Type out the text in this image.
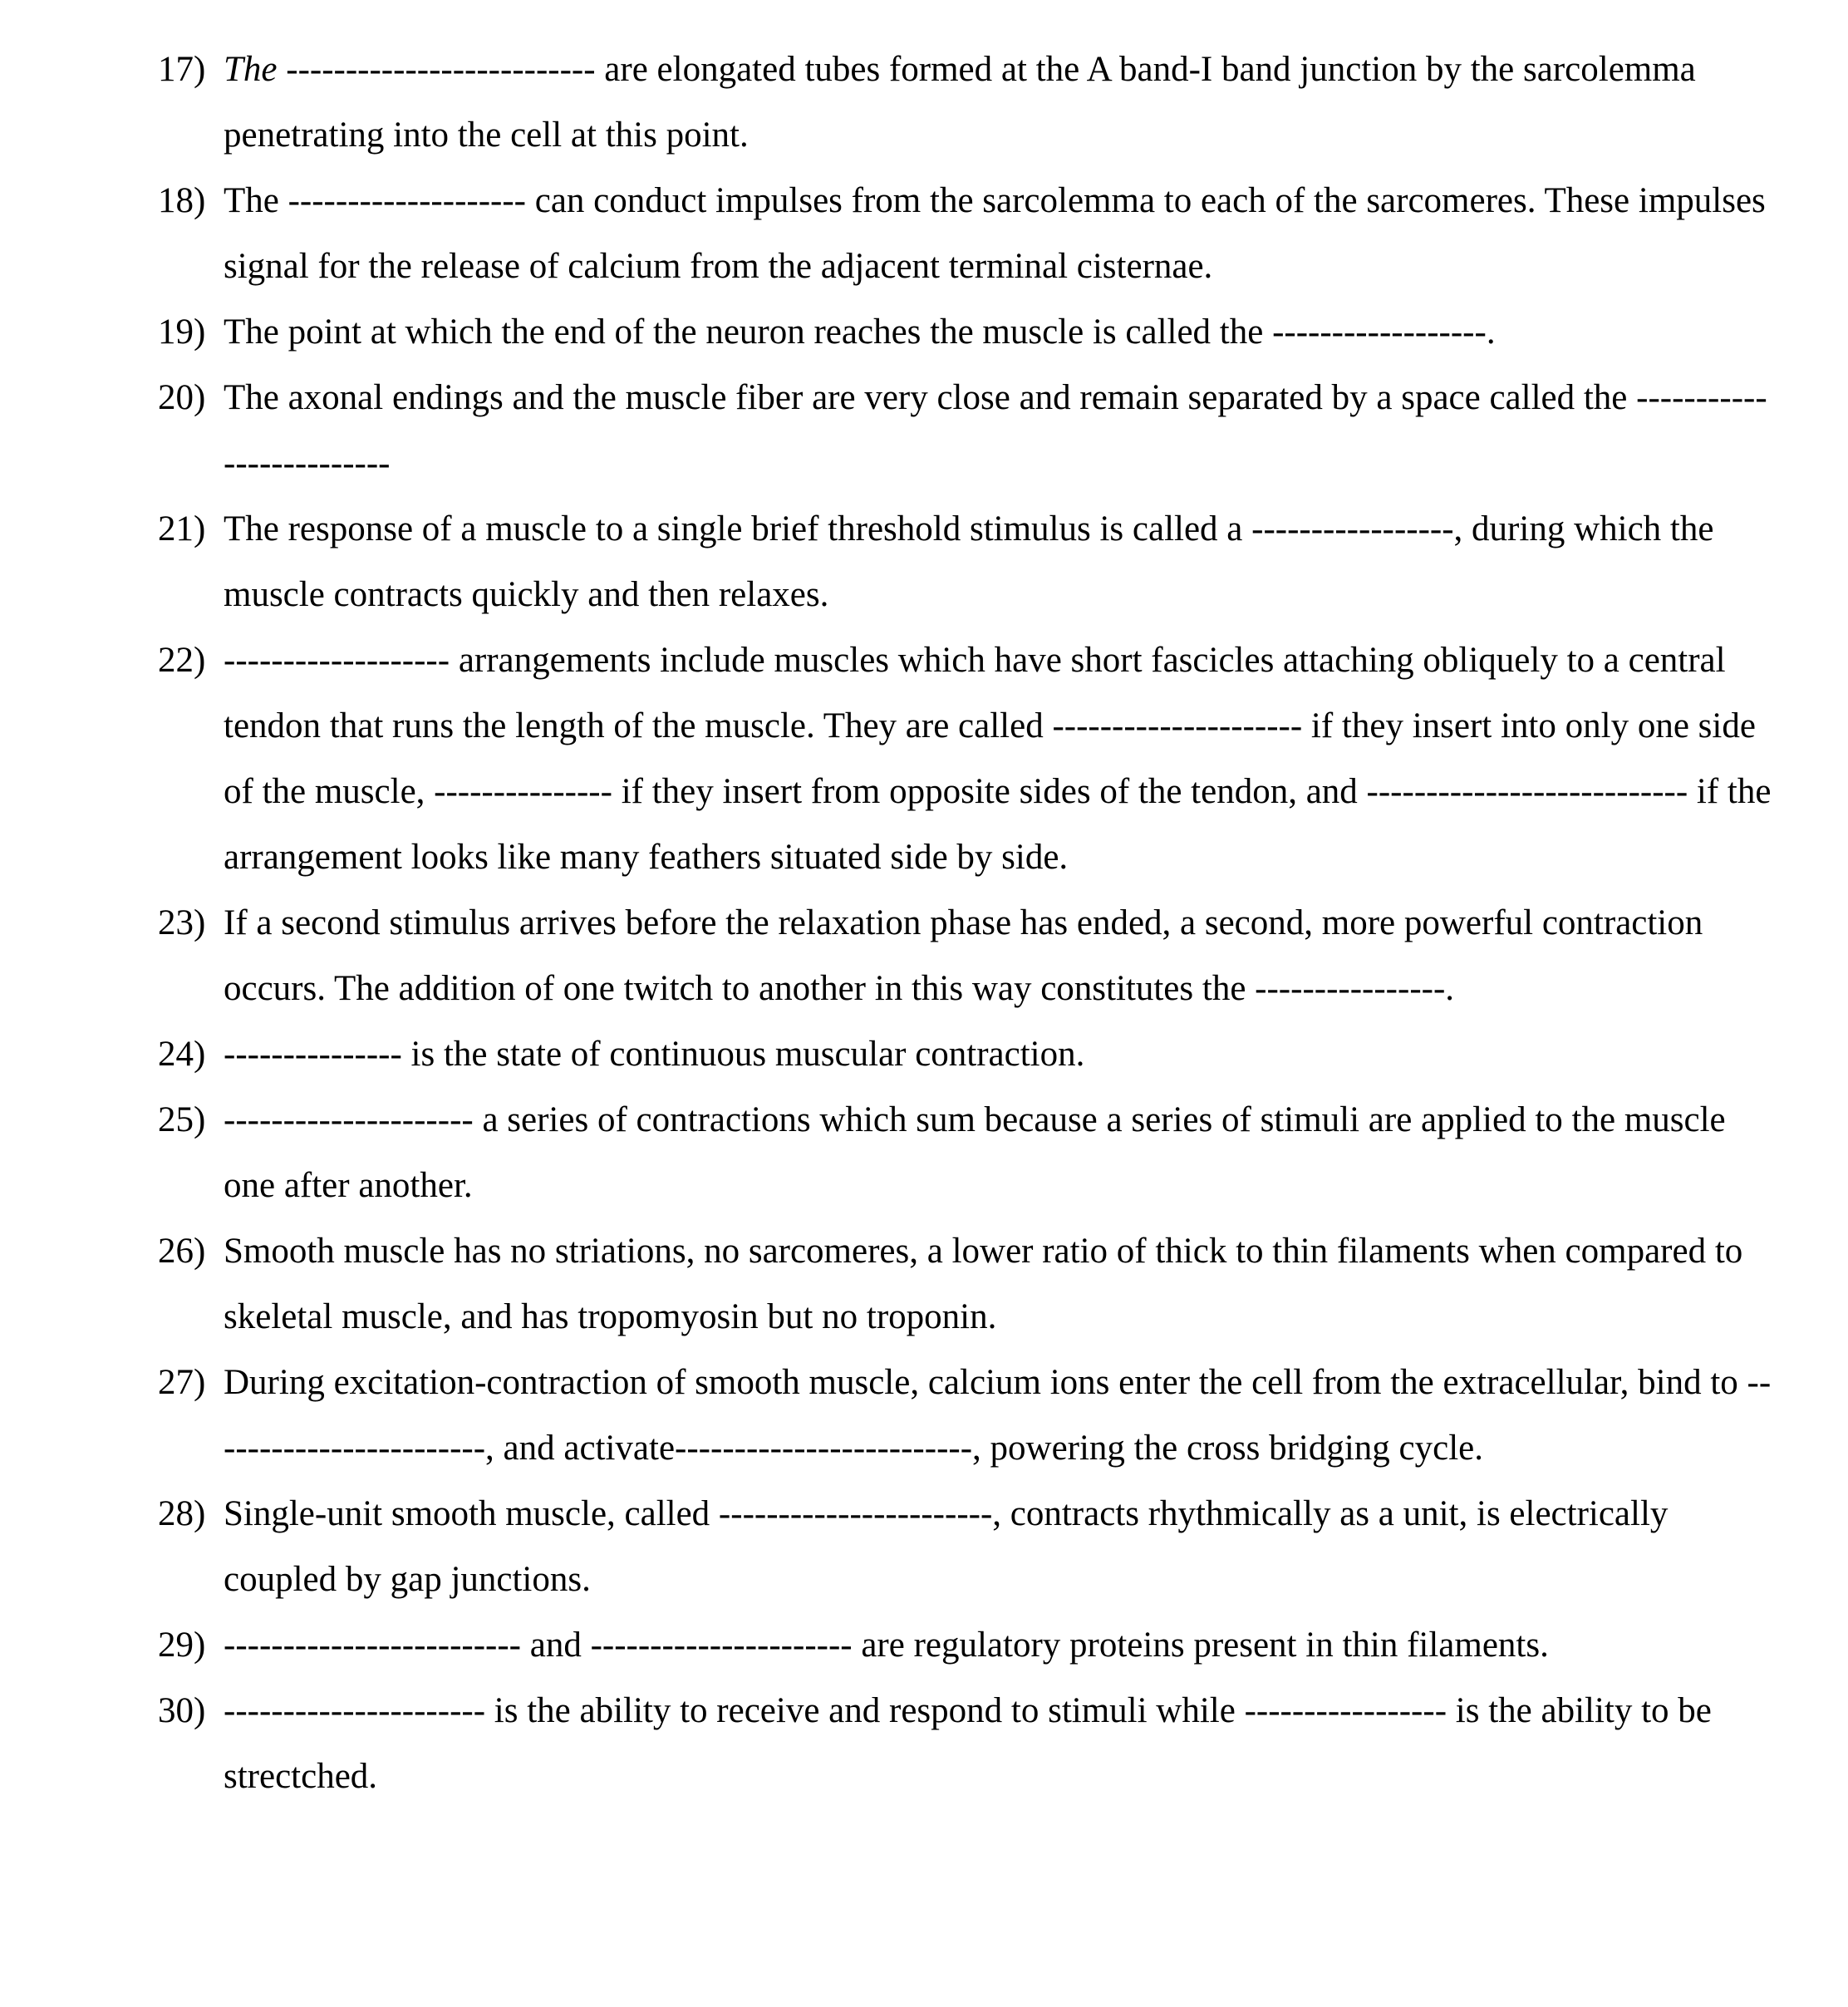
17) The -------------------------- are elongated tubes formed at the A band-I band junction by the sarcolemma penetrating into the cell at this point.
18) The -------------------- can conduct impulses from the sarcolemma to each of the sarcomeres. These impulses signal for the release of calcium from the adjacent terminal cisternae.
19) The point at which the end of the neuron reaches the muscle is called the ------------------.
20) The axonal endings and the muscle fiber are very close and remain separated by a space called the -------------------------
21) The response of a muscle to a single brief threshold stimulus is called a -----------------, during which the muscle contracts quickly and then relaxes.
22) ------------------- arrangements include muscles which have short fascicles attaching obliquely to a central tendon that runs the length of the muscle. They are called --------------------- if they insert into only one side of the muscle, --------------- if they insert from opposite sides of the tendon, and --------------------------- if the arrangement looks like many feathers situated side by side.
23) If a second stimulus arrives before the relaxation phase has ended, a second, more powerful contraction occurs. The addition of one twitch to another in this way constitutes the ----------------.
24) --------------- is the state of continuous muscular contraction.
25) --------------------- a series of contractions which sum because a series of stimuli are applied to the muscle one after another.
26) Smooth muscle has no striations, no sarcomeres, a lower ratio of thick to thin filaments when compared to skeletal muscle, and has tropomyosin but no troponin.
27) During excitation-contraction of smooth muscle, calcium ions enter the cell from the extracellular, bind to ------------------------, and activate-------------------------, powering the cross bridging cycle.
28) Single-unit smooth muscle, called -----------------------, contracts rhythmically as a unit, is electrically coupled by gap junctions.
29) ------------------------- and ---------------------- are regulatory proteins present in thin filaments.
30) ---------------------- is the ability to receive and respond to stimuli while ----------------- is the ability to be strectched.
